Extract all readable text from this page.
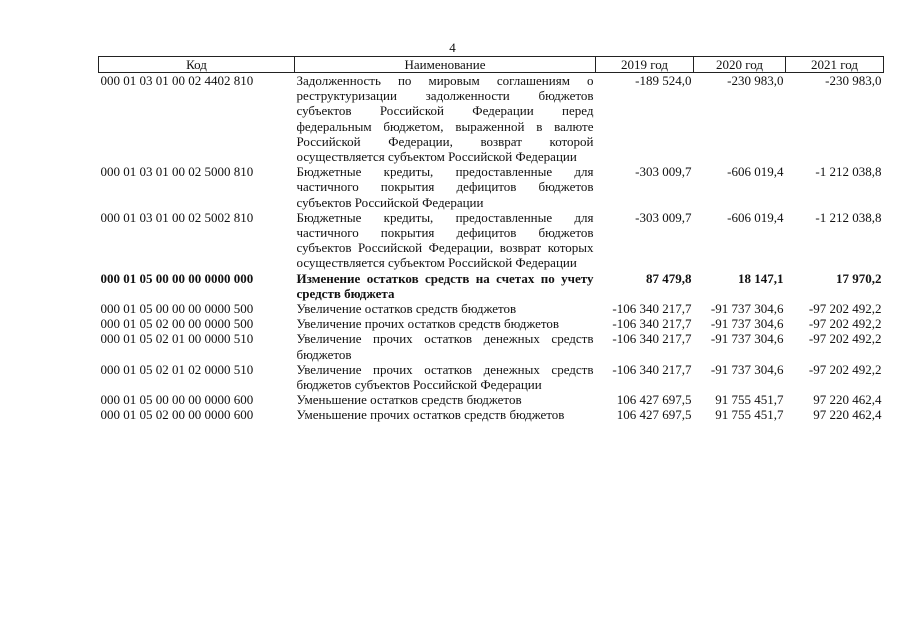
4
Код	Наименование	2019 год	2020 год	2021 год
000 01 03 01 00 02 4402 810	Задолженность по мировым соглашениям о реструктуризации задолженности бюджетов субъектов Российской Федерации перед федеральным бюджетом, выраженной в валюте Российской Федерации, возврат которой осуществляется субъектом Российской Федерации	-189 524,0	-230 983,0	-230 983,0
000 01 03 01 00 02 5000 810	Бюджетные кредиты, предоставленные для частичного покрытия дефицитов бюджетов субъектов Российской Федерации	-303 009,7	-606 019,4	-1 212 038,8
000 01 03 01 00 02 5002 810	Бюджетные кредиты, предоставленные для частичного покрытия дефицитов бюджетов субъектов Российской Федерации, возврат которых осуществляется субъектом Российской Федерации	-303 009,7	-606 019,4	-1 212 038,8
000 01 05 00 00 00 0000 000	Изменение остатков средств на счетах по учету средств бюджета	87 479,8	18 147,1	17 970,2
000 01 05 00 00 00 0000 500	Увеличение остатков средств бюджетов	-106 340 217,7	-91 737 304,6	-97 202 492,2
000 01 05 02 00 00 0000 500	Увеличение прочих остатков средств бюджетов	-106 340 217,7	-91 737 304,6	-97 202 492,2
000 01 05 02 01 00 0000 510	Увеличение прочих остатков денежных средств бюджетов	-106 340 217,7	-91 737 304,6	-97 202 492,2
000 01 05 02 01 02 0000 510	Увеличение прочих остатков денежных средств бюджетов субъектов Российской Федерации	-106 340 217,7	-91 737 304,6	-97 202 492,2
000 01 05 00 00 00 0000 600	Уменьшение остатков средств бюджетов	106 427 697,5	91 755 451,7	97 220 462,4
000 01 05 02 00 00 0000 600	Уменьшение прочих остатков средств бюджетов	106 427 697,5	91 755 451,7	97 220 462,4
